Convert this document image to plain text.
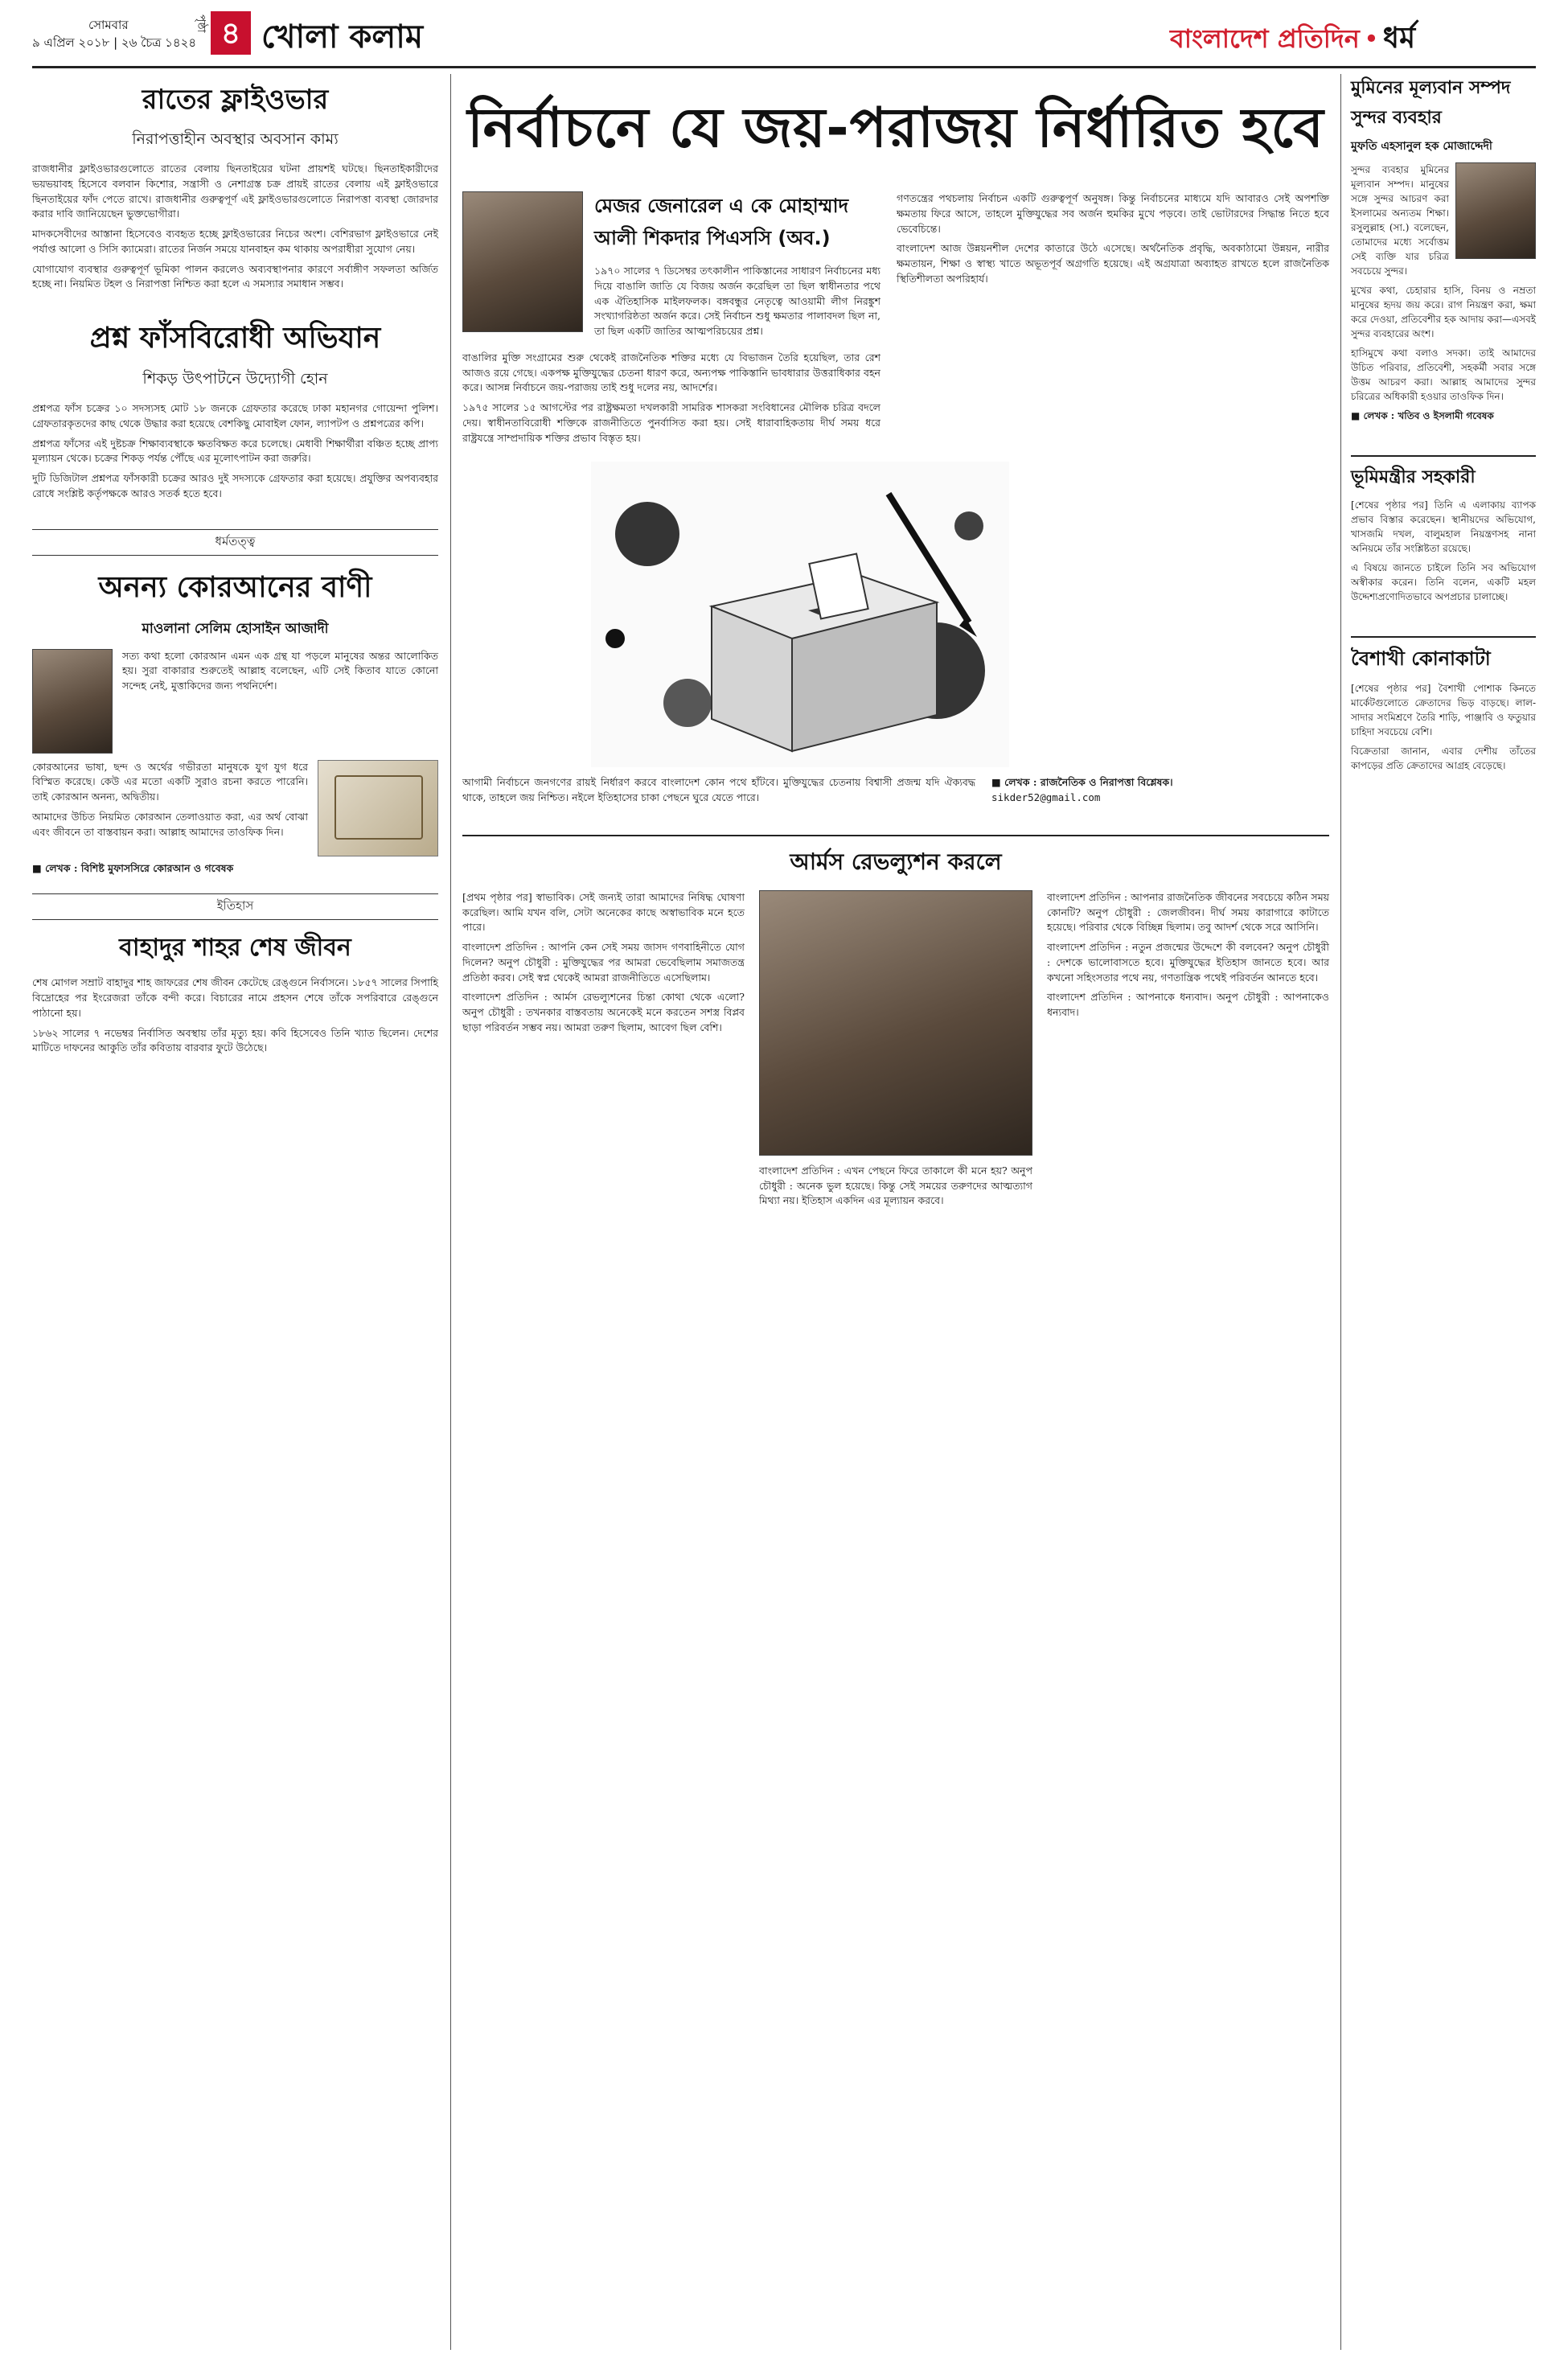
সোমবার
৯ এপ্রিল ২০১৮ | ২৬ চৈত্র ১৪২৪
পৃষ্ঠা ৪ খোলা কলাম	বাংলাদেশ প্রতিদিন • ধর্ম
রাতের ফ্লাইওভার
নিরাপত্তাহীন অবস্থার অবসান কাম্য

রাজধানীর ফ্লাইওভারগুলোতে রাতের বেলায় ছিনতাইয়ের ঘটনা প্রায়শই ঘটছে। ছিনতাইকারীদের ভয়ভয়াবহ হিসেবে বলবান কিশোর, সন্ত্রাসী ও নেশাগ্রস্ত চক্র প্রায়ই রাতের বেলায় এই ফ্লাইওভারে ছিনতাইয়ের ফাঁদ পেতে রাখে। রাজধানীর গুরুত্বপূর্ণ এই ফ্লাইওভারগুলোতে নিরাপত্তা ব্যবস্থা জোরদার করার দাবি জানিয়েছেন ভুক্তভোগীরা।

মাদকসেবীদের আস্তানা হিসেবেও ব্যবহৃত হচ্ছে ফ্লাইওভারের নিচের অংশ। বেশিরভাগ ফ্লাইওভারে নেই পর্যাপ্ত আলো ও সিসি ক্যামেরা। রাতের নির্জন সময়ে যানবাহন কম থাকায় অপরাধীরা সুযোগ নেয়।

যোগাযোগ ব্যবস্থার গুরুত্বপূর্ণ ভূমিকা পালন করলেও অব্যবস্থাপনার কারণে সর্বাঙ্গীণ সফলতা অর্জিত হচ্ছে না। নিয়মিত টহল ও নিরাপত্তা নিশ্চিত করা হলে এ সমস্যার সমাধান সম্ভব।

প্রশ্ন ফাঁসবিরোধী অভিযান
শিকড় উৎপাটনে উদ্যোগী হোন

প্রশ্নপত্র ফাঁস চক্রের ১০ সদস্যসহ মোট ১৮ জনকে গ্রেফতার করেছে ঢাকা মহানগর গোয়েন্দা পুলিশ। গ্রেফতারকৃতদের কাছ থেকে উদ্ধার করা হয়েছে বেশকিছু মোবাইল ফোন, ল্যাপটপ ও প্রশ্নপত্রের কপি।

প্রশ্নপত্র ফাঁসের এই দুষ্টচক্র শিক্ষাব্যবস্থাকে ক্ষতবিক্ষত করে চলেছে। মেধাবী শিক্ষার্থীরা বঞ্চিত হচ্ছে প্রাপ্য মূল্যায়ন থেকে। চক্রের শিকড় পর্যন্ত পৌঁছে এর মূলোৎপাটন করা জরুরি।

দুটি ডিজিটাল প্রশ্নপত্র ফাঁসকারী চক্রের আরও দুই সদস্যকে গ্রেফতার করা হয়েছে। প্রযুক্তির অপব্যবহার রোধে সংশ্লিষ্ট কর্তৃপক্ষকে আরও সতর্ক হতে হবে।

ধর্মতত্ত্ব
অনন্য কোরআনের বাণী
মাওলানা সেলিম হোসাইন আজাদী

সত্য কথা হলো কোরআন এমন এক গ্রন্থ যা পড়লে মানুষের অন্তর আলোকিত হয়। সুরা বাকারার শুরুতেই আল্লাহ বলেছেন, এটি সেই কিতাব যাতে কোনো সন্দেহ নেই, মুত্তাকিদের জন্য পথনির্দেশ।

কোরআনের ভাষা, ছন্দ ও অর্থের গভীরতা মানুষকে যুগ যুগ ধরে বিস্মিত করেছে। কেউ এর মতো একটি সুরাও রচনা করতে পারেনি। তাই কোরআন অনন্য, অদ্বিতীয়।

আমাদের উচিত নিয়মিত কোরআন তেলাওয়াত করা, এর অর্থ বোঝা এবং জীবনে তা বাস্তবায়ন করা। আল্লাহ আমাদের তাওফিক দিন।

■ লেখক : বিশিষ্ট মুফাসসিরে কোরআন ও গবেষক
ইতিহাস
বাহাদুর শাহর শেষ জীবন

শেষ মোগল সম্রাট বাহাদুর শাহ জাফরের শেষ জীবন কেটেছে রেঙ্গুনে নির্বাসনে। ১৮৫৭ সালের সিপাহি বিদ্রোহের পর ইংরেজরা তাঁকে বন্দী করে। বিচারের নামে প্রহসন শেষে তাঁকে সপরিবারে রেঙ্গুনে পাঠানো হয়।

১৮৬২ সালের ৭ নভেম্বর নির্বাসিত অবস্থায় তাঁর মৃত্যু হয়। কবি হিসেবেও তিনি খ্যাত ছিলেন। দেশের মাটিতে দাফনের আকুতি তাঁর কবিতায় বারবার ফুটে উঠেছে।

নির্বাচনে যে জয়-পরাজয় নির্ধারিত হবে
মেজর জেনারেল এ কে মোহাম্মাদ
আলী শিকদার পিএসসি (অব.)

১৯৭০ সালের ৭ ডিসেম্বর তৎকালীন পাকিস্তানের সাধারণ নির্বাচনের মধ্য দিয়ে বাঙালি জাতি যে বিজয় অর্জন করেছিল তা ছিল স্বাধীনতার পথে এক ঐতিহাসিক মাইলফলক। বঙ্গবন্ধুর নেতৃত্বে আওয়ামী লীগ নিরঙ্কুশ সংখ্যাগরিষ্ঠতা অর্জন করে। সেই নির্বাচন শুধু ক্ষমতার পালাবদল ছিল না, তা ছিল একটি জাতির আত্মপরিচয়ের প্রশ্ন।

বাঙালির মুক্তি সংগ্রামের শুরু থেকেই রাজনৈতিক শক্তির মধ্যে যে বিভাজন তৈরি হয়েছিল, তার রেশ আজও রয়ে গেছে। একপক্ষ মুক্তিযুদ্ধের চেতনা ধারণ করে, অন্যপক্ষ পাকিস্তানি ভাবধারার উত্তরাধিকার বহন করে। আসন্ন নির্বাচনে জয়-পরাজয় তাই শুধু দলের নয়, আদর্শের।

১৯৭৫ সালের ১৫ আগস্টের পর রাষ্ট্রক্ষমতা দখলকারী সামরিক শাসকরা সংবিধানের মৌলিক চরিত্র বদলে দেয়। স্বাধীনতাবিরোধী শক্তিকে রাজনীতিতে পুনর্বাসিত করা হয়। সেই ধারাবাহিকতায় দীর্ঘ সময় ধরে রাষ্ট্রযন্ত্রে সাম্প্রদায়িক শক্তির প্রভাব বিস্তৃত হয়।

গণতন্ত্রের পথচলায় নির্বাচন একটি গুরুত্বপূর্ণ অনুষঙ্গ। কিন্তু নির্বাচনের মাধ্যমে যদি আবারও সেই অপশক্তি ক্ষমতায় ফিরে আসে, তাহলে মুক্তিযুদ্ধের সব অর্জন হুমকির মুখে পড়বে। তাই ভোটারদের সিদ্ধান্ত নিতে হবে ভেবেচিন্তে।

বাংলাদেশ আজ উন্নয়নশীল দেশের কাতারে উঠে এসেছে। অর্থনৈতিক প্রবৃদ্ধি, অবকাঠামো উন্নয়ন, নারীর ক্ষমতায়ন, শিক্ষা ও স্বাস্থ্য খাতে অভূতপূর্ব অগ্রগতি হয়েছে। এই অগ্রযাত্রা অব্যাহত রাখতে হলে রাজনৈতিক স্থিতিশীলতা অপরিহার্য।

আগামী নির্বাচনে জনগণের রায়ই নির্ধারণ করবে বাংলাদেশ কোন পথে হাঁটবে। মুক্তিযুদ্ধের চেতনায় বিশ্বাসী প্রজন্ম যদি ঐক্যবদ্ধ থাকে, তাহলে জয় নিশ্চিত। নইলে ইতিহাসের চাকা পেছনে ঘুরে যেতে পারে।

■ লেখক : রাজনৈতিক ও নিরাপত্তা বিশ্লেষক।
sikder52@gmail.com
আর্মস রেভল্যুশন করলে

[প্রথম পৃষ্ঠার পর] স্বাভাবিক। সেই জন্যই তারা আমাদের নিষিদ্ধ ঘোষণা করেছিল। আমি যখন বলি, সেটা অনেকের কাছে অস্বাভাবিক মনে হতে পারে।

বাংলাদেশ প্রতিদিন : আপনি কেন সেই সময় জাসদ গণবাহিনীতে যোগ দিলেন? অনুপ চৌধুরী : মুক্তিযুদ্ধের পর আমরা ভেবেছিলাম সমাজতন্ত্র প্রতিষ্ঠা করব। সেই স্বপ্ন থেকেই আমরা রাজনীতিতে এসেছিলাম।

বাংলাদেশ প্রতিদিন : আর্মস রেভল্যুশনের চিন্তা কোথা থেকে এলো? অনুপ চৌধুরী : তখনকার বাস্তবতায় অনেকেই মনে করতেন সশস্ত্র বিপ্লব ছাড়া পরিবর্তন সম্ভব নয়। আমরা তরুণ ছিলাম, আবেগ ছিল বেশি।

বাংলাদেশ প্রতিদিন : এখন পেছনে ফিরে তাকালে কী মনে হয়? অনুপ চৌধুরী : অনেক ভুল হয়েছে। কিন্তু সেই সময়ের তরুণদের আত্মত্যাগ মিথ্যা নয়। ইতিহাস একদিন এর মূল্যায়ন করবে।

বাংলাদেশ প্রতিদিন : আপনার রাজনৈতিক জীবনের সবচেয়ে কঠিন সময় কোনটি? অনুপ চৌধুরী : জেলজীবন। দীর্ঘ সময় কারাগারে কাটাতে হয়েছে। পরিবার থেকে বিচ্ছিন্ন ছিলাম। তবু আদর্শ থেকে সরে আসিনি।

বাংলাদেশ প্রতিদিন : নতুন প্রজন্মের উদ্দেশে কী বলবেন? অনুপ চৌধুরী : দেশকে ভালোবাসতে হবে। মুক্তিযুদ্ধের ইতিহাস জানতে হবে। আর কখনো সহিংসতার পথে নয়, গণতান্ত্রিক পথেই পরিবর্তন আনতে হবে।

বাংলাদেশ প্রতিদিন : আপনাকে ধন্যবাদ। অনুপ চৌধুরী : আপনাকেও ধন্যবাদ।

মুমিনের মূল্যবান সম্পদ
সুন্দর ব্যবহার
মুফতি এহসানুল হক মোজাদ্দেদী

সুন্দর ব্যবহার মুমিনের মূল্যবান সম্পদ। মানুষের সঙ্গে সুন্দর আচরণ করা ইসলামের অন্যতম শিক্ষা। রসুলুল্লাহ (সা.) বলেছেন, তোমাদের মধ্যে সর্বোত্তম সেই ব্যক্তি যার চরিত্র সবচেয়ে সুন্দর।

মুখের কথা, চেহারার হাসি, বিনয় ও নম্রতা মানুষের হৃদয় জয় করে। রাগ নিয়ন্ত্রণ করা, ক্ষমা করে দেওয়া, প্রতিবেশীর হক আদায় করা—এসবই সুন্দর ব্যবহারের অংশ।

হাসিমুখে কথা বলাও সদকা। তাই আমাদের উচিত পরিবার, প্রতিবেশী, সহকর্মী সবার সঙ্গে উত্তম আচরণ করা। আল্লাহ আমাদের সুন্দর চরিত্রের অধিকারী হওয়ার তাওফিক দিন।

■ লেখক : খতিব ও ইসলামী গবেষক
ভূমিমন্ত্রীর সহকারী

[শেষের পৃষ্ঠার পর] তিনি এ এলাকায় ব্যাপক প্রভাব বিস্তার করেছেন। স্থানীয়দের অভিযোগ, খাসজমি দখল, বালুমহাল নিয়ন্ত্রণসহ নানা অনিয়মে তাঁর সংশ্লিষ্টতা রয়েছে।

এ বিষয়ে জানতে চাইলে তিনি সব অভিযোগ অস্বীকার করেন। তিনি বলেন, একটি মহল উদ্দেশ্যপ্রণোদিতভাবে অপপ্রচার চালাচ্ছে।

বৈশাখী কোনাকাটা

[শেষের পৃষ্ঠার পর] বৈশাখী পোশাক কিনতে মার্কেটগুলোতে ক্রেতাদের ভিড় বাড়ছে। লাল-সাদার সংমিশ্রণে তৈরি শাড়ি, পাঞ্জাবি ও ফতুয়ার চাহিদা সবচেয়ে বেশি।

বিক্রেতারা জানান, এবার দেশীয় তাঁতের কাপড়ের প্রতি ক্রেতাদের আগ্রহ বেড়েছে।
